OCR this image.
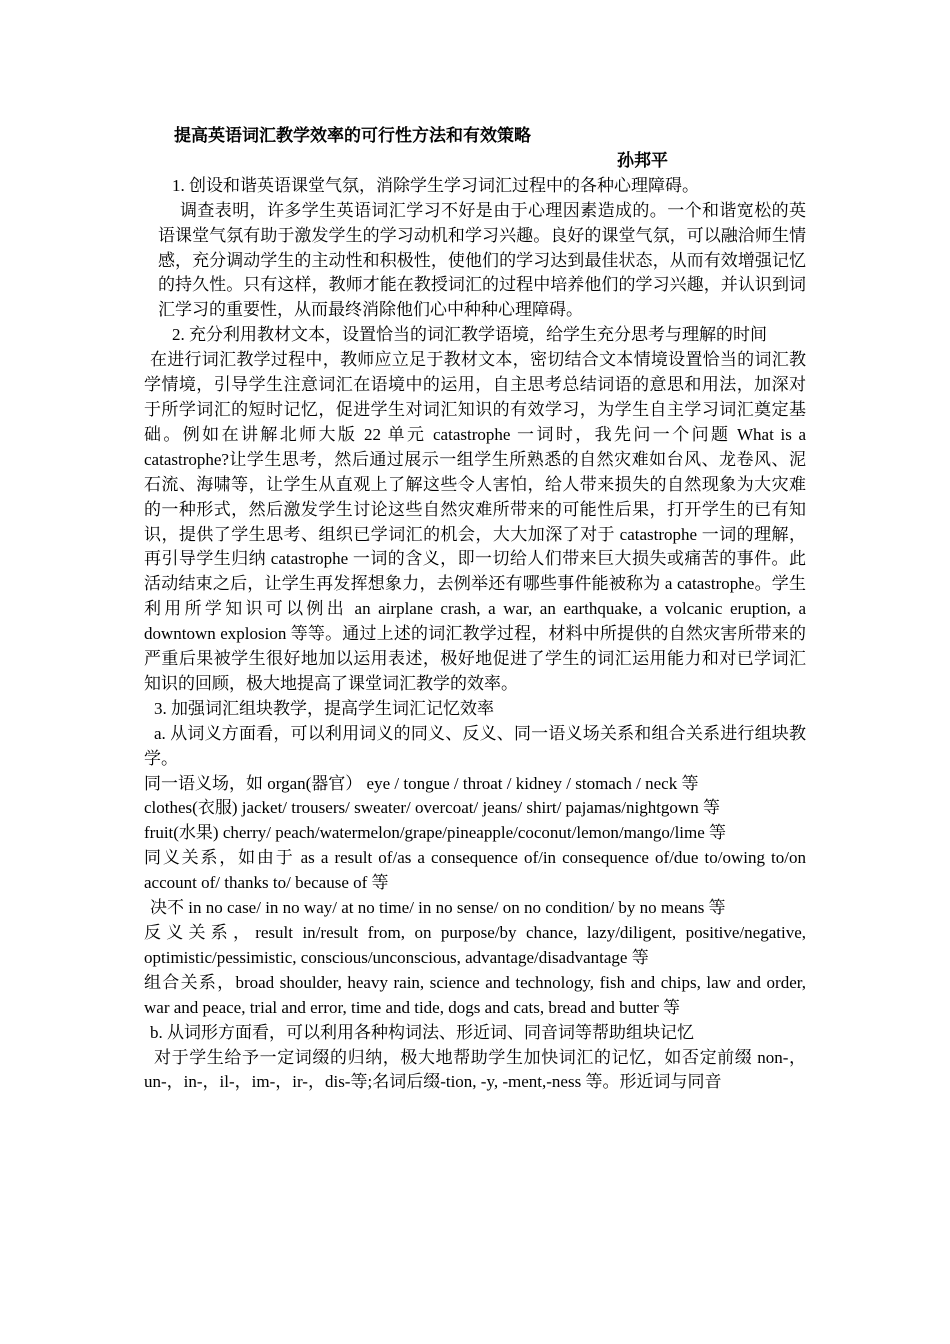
提高英语词汇教学效率的可行性方法和有效策略
孙邦平

1. 创设和谐英语课堂气氛，消除学生学习词汇过程中的各种心理障碍。

调查表明，许多学生英语词汇学习不好是由于心理因素造成的。一个和谐宽松的英语课堂气氛有助于激发学生的学习动机和学习兴趣。良好的课堂气氛，可以融洽师生情感，充分调动学生的主动性和积极性，使他们的学习达到最佳状态，从而有效增强记忆的持久性。只有这样，教师才能在教授词汇的过程中培养他们的学习兴趣，并认识到词汇学习的重要性，从而最终消除他们心中种种心理障碍。

2. 充分利用教材文本，设置恰当的词汇教学语境，给学生充分思考与理解的时间

在进行词汇教学过程中，教师应立足于教材文本，密切结合文本情境设置恰当的词汇教学情境，引导学生注意词汇在语境中的运用，自主思考总结词语的意思和用法，加深对于所学词汇的短时记忆，促进学生对词汇知识的有效学习，为学生自主学习词汇奠定基础。例如在讲解北师大版 22 单元 catastrophe 一词时，我先问一个问题 What is a catastrophe?让学生思考，然后通过展示一组学生所熟悉的自然灾难如台风、龙卷风、泥石流、海啸等，让学生从直观上了解这些令人害怕，给人带来损失的自然现象为大灾难的一种形式，然后激发学生讨论这些自然灾难所带来的可能性后果，打开学生的已有知识，提供了学生思考、组织已学词汇的机会，大大加深了对于 catastrophe 一词的理解，再引导学生归纳 catastrophe 一词的含义，即一切给人们带来巨大损失或痛苦的事件。此活动结束之后，让学生再发挥想象力，去例举还有哪些事件能被称为 a catastrophe。学生利用所学知识可以例出 an airplane crash, a war, an earthquake, a volcanic eruption, a downtown explosion 等等。通过上述的词汇教学过程，材料中所提供的自然灾害所带来的严重后果被学生很好地加以运用表述，极好地促进了学生的词汇运用能力和对已学词汇知识的回顾，极大地提高了课堂词汇教学的效率。

3. 加强词汇组块教学，提高学生词汇记忆效率

a. 从词义方面看，可以利用词义的同义、反义、同一语义场关系和组合关系进行组块教学。

同一语义场，如 organ(器官） eye / tongue / throat / kidney / stomach / neck 等

clothes(衣服) jacket/ trousers/ sweater/ overcoat/ jeans/ shirt/ pajamas/nightgown 等

fruit(水果) cherry/ peach/watermelon/grape/pineapple/coconut/lemon/mango/lime 等

同义关系，如由于 as a result of/as a consequence of/in consequence of/due to/owing to/on account of/ thanks to/ because of 等

决不 in no case/ in no way/ at no time/ in no sense/ on no condition/ by no means 等

反义关系，result in/result from, on purpose/by chance, lazy/diligent, positive/negative, optimistic/pessimistic, conscious/unconscious, advantage/disadvantage 等

组合关系，broad shoulder, heavy rain, science and technology, fish and chips, law and order, war and peace, trial and error, time and tide, dogs and cats, bread and butter 等

b. 从词形方面看，可以利用各种构词法、形近词、同音词等帮助组块记忆

对于学生给予一定词缀的归纳，极大地帮助学生加快词汇的记忆，如否定前缀 non-，un-，in-，il-，im-，ir-，dis-等;名词后缀-tion, -y, -ment,-ness 等。形近词与同音
